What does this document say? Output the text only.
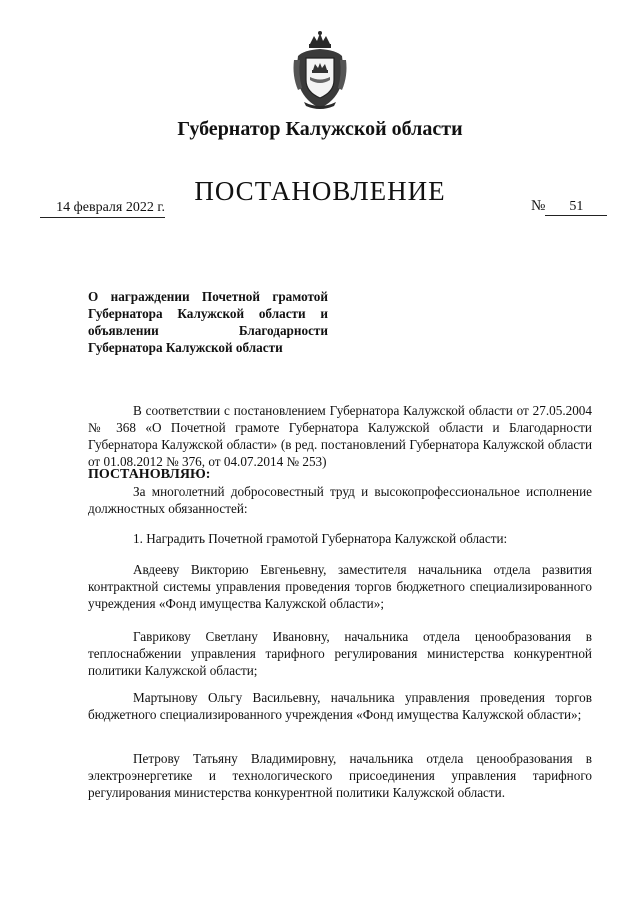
Губернатор Калужской области
ПОСТАНОВЛЕНИЕ
14 февраля 2022 г.	№ 51
О награждении Почетной грамотой Губернатора Калужской области и объявлении Благодарности Губернатора Калужской области
В соответствии с постановлением Губернатора Калужской области от 27.05.2004 № 368 «О Почетной грамоте Губернатора Калужской области и Благодарности Губернатора Калужской области» (в ред. постановлений Губернатора Калужской области от 01.08.2012 № 376, от 04.07.2014 № 253)
ПОСТАНОВЛЯЮ:
За многолетний добросовестный труд и высокопрофессиональное исполнение должностных обязанностей:
1. Наградить Почетной грамотой Губернатора Калужской области:
Авдееву Викторию Евгеньевну, заместителя начальника отдела развития контрактной системы управления проведения торгов бюджетного специализированного учреждения «Фонд имущества Калужской области»;
Гаврикову Светлану Ивановну, начальника отдела ценообразования в теплоснабжении управления тарифного регулирования министерства конкурентной политики Калужской области;
Мартынову Ольгу Васильевну, начальника управления проведения торгов бюджетного специализированного учреждения «Фонд имущества Калужской области»;
Петрову Татьяну Владимировну, начальника отдела ценообразования в электроэнергетике и технологического присоединения управления тарифного регулирования министерства конкурентной политики Калужской области.
